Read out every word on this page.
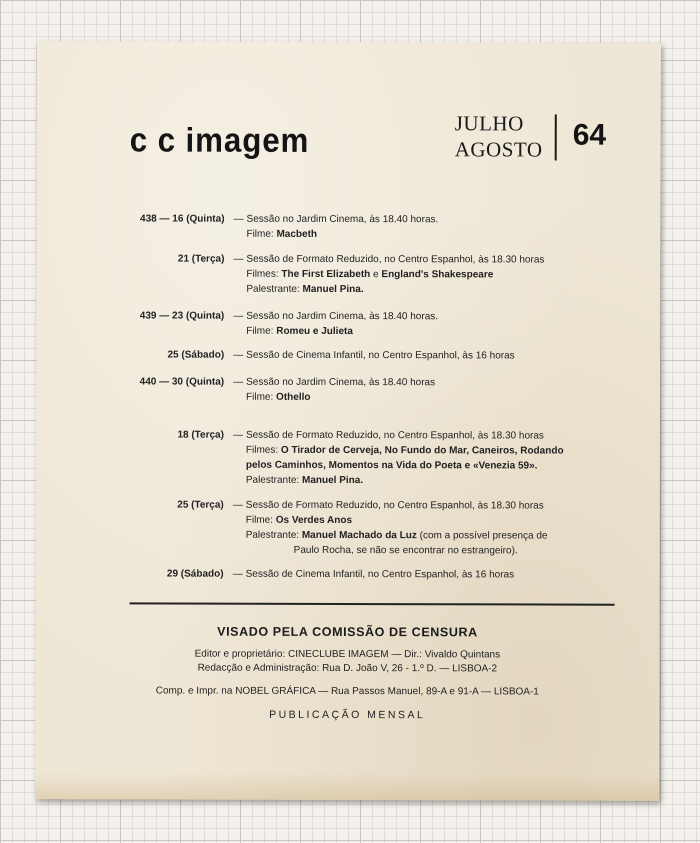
c c imagem	JULHO
AGOSTO 64
438 — 16 (Quinta) — Sessão no Jardim Cinema, às 18.40 horas.
Filme: Macbeth
21 (Terça) — Sessão de Formato Reduzido, no Centro Espanhol, às 18.30 horas
Filmes: The First Elizabeth e England's Shakespeare
Palestrante: Manuel Pina.
439 — 23 (Quinta) — Sessão no Jardim Cinema, às 18.40 horas.
Filme: Romeu e Julieta
25 (Sábado) — Sessão de Cinema Infantil, no Centro Espanhol, às 16 horas
440 — 30 (Quinta) — Sessão no Jardim Cinema, às 18.40 horas
Filme: Othello
18 (Terça) — Sessão de Formato Reduzido, no Centro Espanhol, às 18.30 horas
Filmes: O Tirador de Cerveja, No Fundo do Mar, Caneiros, Rodando
pelos Caminhos, Momentos na Vida do Poeta e «Venezia 59».
Palestrante: Manuel Pina.
25 (Terça) — Sessão de Formato Reduzido, no Centro Espanhol, às 18.30 horas
Filme: Os Verdes Anos
Palestrante: Manuel Machado da Luz (com a possível presença de
Paulo Rocha, se não se encontrar no estrangeiro).
29 (Sábado) — Sessão de Cinema Infantil, no Centro Espanhol, às 16 horas
VISADO PELA COMISSÃO DE CENSURA
Editor e proprietário: CINECLUBE IMAGEM — Dir.: Vivaldo Quintans
Redacção e Administração: Rua D. João V, 26 - 1.º D. — LISBOA-2
Comp. e Impr. na NOBEL GRÁFICA — Rua Passos Manuel, 89-A e 91-A — LISBOA-1
PUBLICAÇÃO MENSAL
